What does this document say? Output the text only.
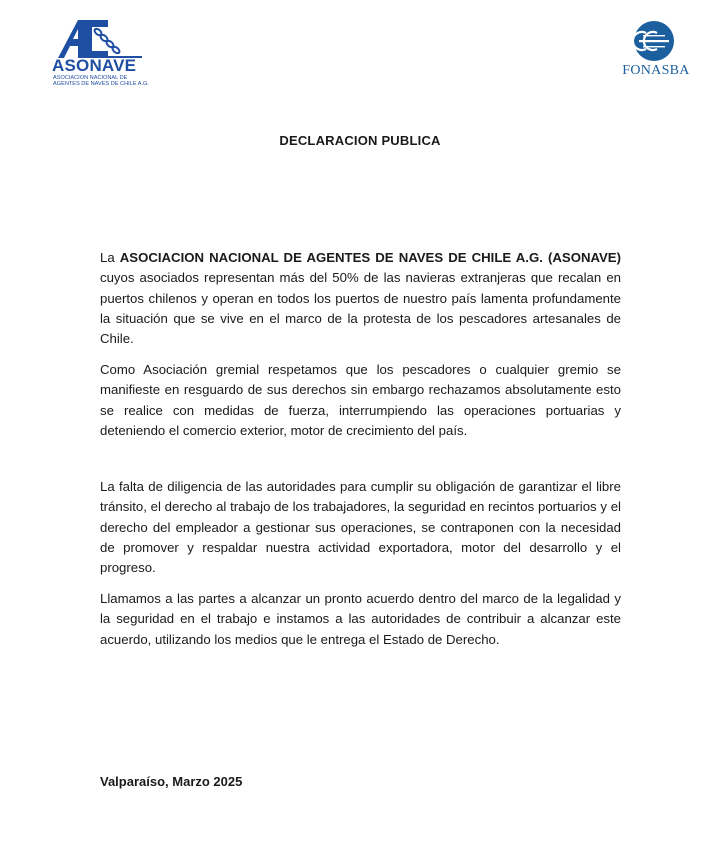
ASONAVE
ASOCIACION NACIONAL DE
AGENTES DE NAVES DE CHILE A.G.
FONASBA
DECLARACION PUBLICA

La ASOCIACION NACIONAL DE AGENTES DE NAVES DE CHILE A.G. (ASONAVE) cuyos asociados representan más del 50% de las navieras extranjeras que recalan en puertos chilenos y operan en todos los puertos de nuestro país lamenta profundamente la situación que se vive en el marco de la protesta de los pescadores artesanales de Chile.

Como Asociación gremial respetamos que los pescadores o cualquier gremio se manifieste en resguardo de sus derechos sin embargo rechazamos absolutamente esto se realice con medidas de fuerza, interrumpiendo las operaciones portuarias y deteniendo el comercio exterior, motor de crecimiento del país.

La falta de diligencia de las autoridades para cumplir su obligación de garantizar el libre tránsito, el derecho al trabajo de los trabajadores, la seguridad en recintos portuarios y el derecho del empleador a gestionar sus operaciones, se contraponen con la necesidad de promover y respaldar nuestra actividad exportadora, motor del desarrollo y el progreso.

Llamamos a las partes a alcanzar un pronto acuerdo dentro del marco de la legalidad y la seguridad en el trabajo e instamos a las autoridades de contribuir a alcanzar este acuerdo, utilizando los medios que le entrega el Estado de Derecho.

Valparaíso, Marzo 2025
